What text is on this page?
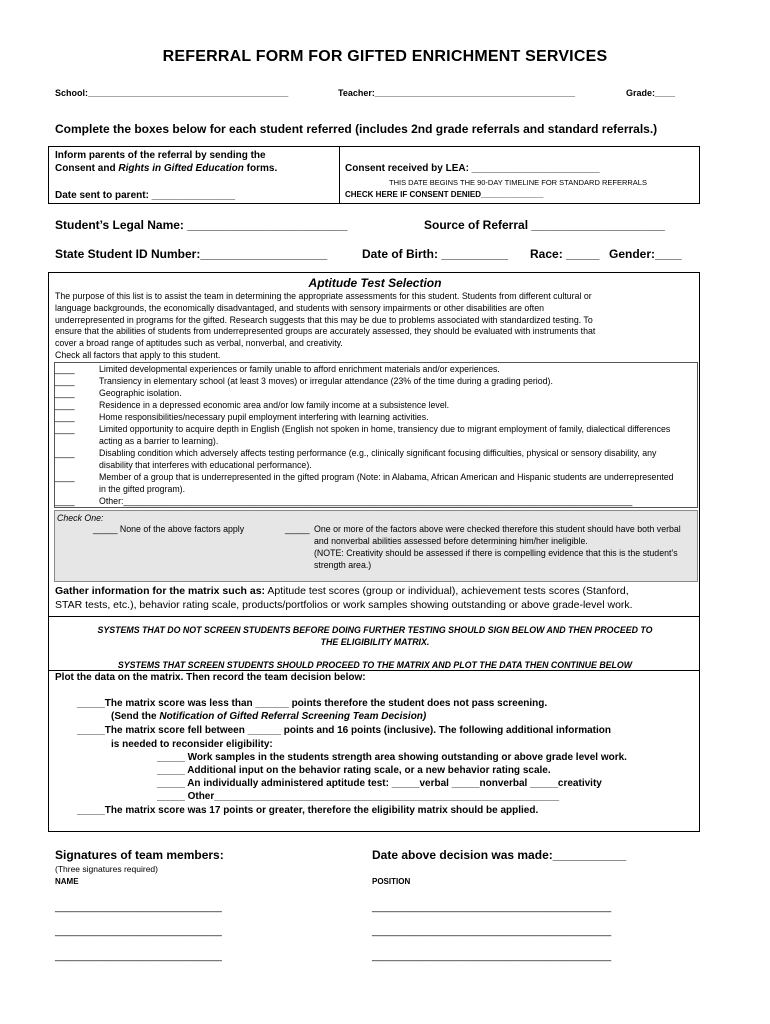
REFERRAL FORM FOR GIFTED ENRICHMENT SERVICES
School:________________________________________	Teacher:________________________________________	Grade:____
Complete the boxes below for each student referred (includes 2nd grade referrals and standard referrals.)
Inform parents of the referral by sending the
Consent and Rights in Gifted Education forms.
Date sent to parent: _______________
Consent received by LEA: _______________________
THIS DATE BEGINS THE 90-DAY TIMELINE FOR STANDARD REFERRALS
CHECK HERE IF CONSENT DENIED______________
Student’s Legal Name: ________________________	Source of Referral ____________________
State Student ID Number:___________________	Date of Birth: __________ Race: _____ Gender:____
Aptitude Test Selection

The purpose of this list is to assist the team in determining the appropriate assessments for this student. Students from different cultural or

language backgrounds, the economically disadvantaged, and students with sensory impairments or other disabilities are often

underrepresented in programs for the gifted. Research suggests that this may be due to problems associated with standardized testing. To

ensure that the abilities of students from underrepresented groups are accurately assessed, they should be evaluated with instruments that

cover a broad range of aptitudes such as verbal, nonverbal, and creativity.

Check all factors that apply to this student.

____	Limited developmental experiences or family unable to afford enrichment materials and/or experiences.
____	Transiency in elementary school (at least 3 moves) or irregular attendance (23% of the time during a grading period).
____	Geographic isolation.
____	Residence in a depressed economic area and/or low family income at a subsistence level.
____	Home responsibilities/necessary pupil employment interfering with learning activities.
____	Limited opportunity to acquire depth in English (English not spoken in home, transiency due to migrant employment of family, dialectical differences acting as a barrier to learning).
____	Disabling condition which adversely affects testing performance (e.g., clinically significant focusing difficulties, physical or sensory disability, any disability that interferes with educational performance).
____	Member of a group that is underrepresented in the gifted program (Note: in Alabama, African American and Hispanic students are underrepresented in the gifted program).
____	Other:________________________________________________________________________________________________________
Check One:
_____ None of the above factors apply	_____ One or more of the factors above were checked therefore this student should have both verbal and nonverbal abilities assessed before determining him/her ineligible.
(NOTE: Creativity should be assessed if there is compelling evidence that this is the student’s strength area.)
Gather information for the matrix such as: Aptitude test scores (group or individual), achievement tests scores (Stanford,
STAR tests, etc.), behavior rating scale, products/portfolios or work samples showing outstanding or above grade-level work.
SYSTEMS THAT DO NOT SCREEN STUDENTS BEFORE DOING FURTHER TESTING SHOULD SIGN BELOW AND THEN PROCEED TO
THE ELIGIBILITY MATRIX.
SYSTEMS THAT SCREEN STUDENTS SHOULD PROCEED TO THE MATRIX AND PLOT THE DATA THEN CONTINUE BELOW
Plot the data on the matrix. Then record the team decision below:
_____The matrix score was less than ______ points therefore the student does not pass screening.
(Send the Notification of Gifted Referral Screening Team Decision)
_____The matrix score fell between ______ points and 16 points (inclusive). The following additional information
is needed to reconsider eligibility:
_____ Work samples in the students strength area showing outstanding or above grade level work.
_____ Additional input on the behavior rating scale, or a new behavior rating scale.
_____ An individually administered aptitude test: _____verbal _____nonverbal _____creativity
_____ Other______________________________________________________________
_____The matrix score was 17 points or greater, therefore the eligibility matrix should be applied.
Signatures of team members:
(Three signatures required)
NAME
Date above decision was made:___________
POSITION
______________________________
______________________________
______________________________
___________________________________________
___________________________________________
___________________________________________
